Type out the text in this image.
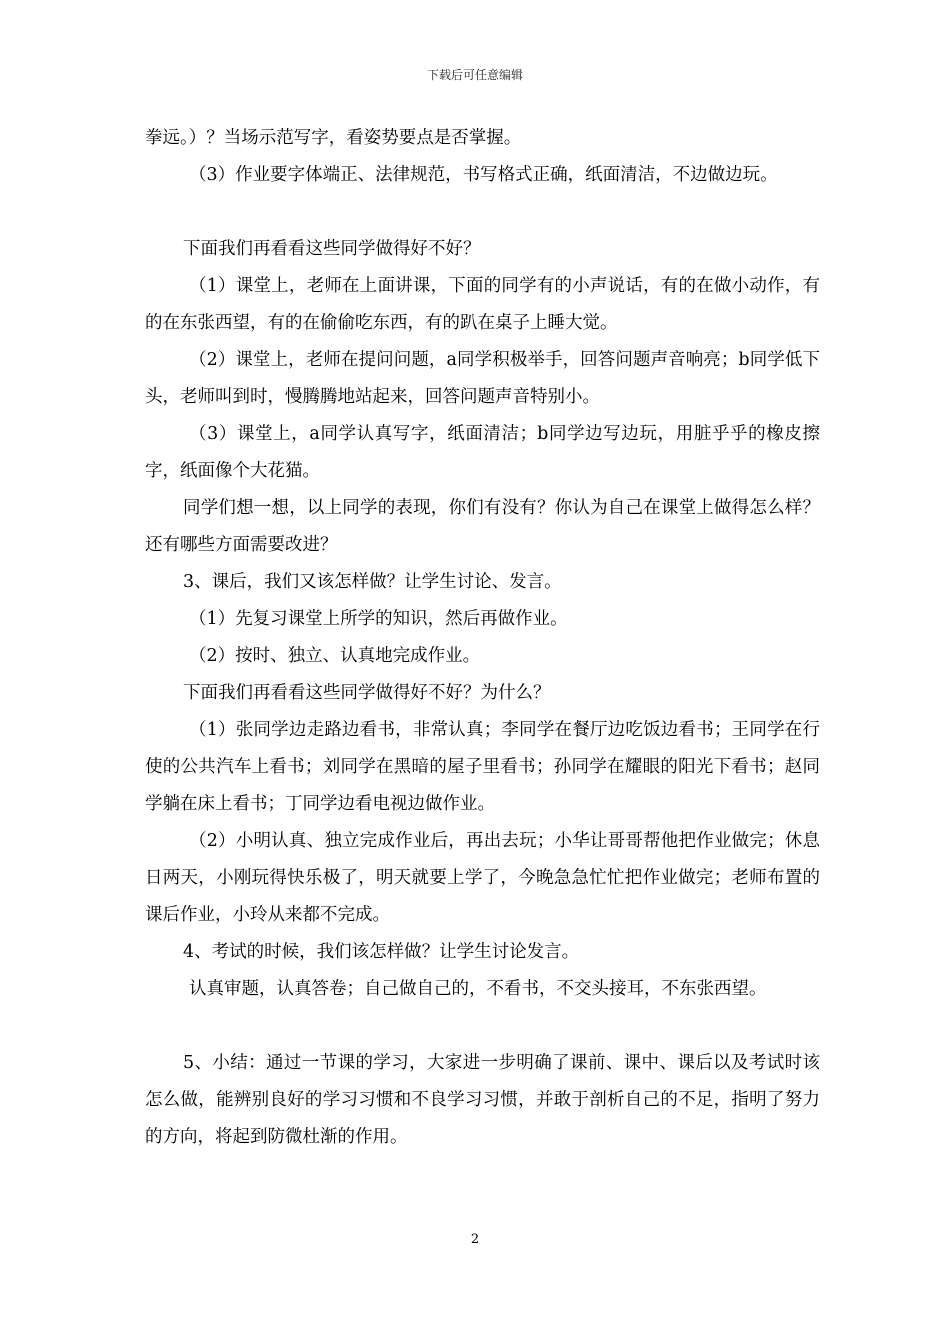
下载后可任意编辑

拳远。）？当场示范写字，看姿势要点是否掌握。

（3）作业要字体端正、法律规范，书写格式正确，纸面清洁，不边做边玩。

下面我们再看看这些同学做得好不好？

（1）课堂上，老师在上面讲课，下面的同学有的小声说话，有的在做小动作，有的在东张西望，有的在偷偷吃东西，有的趴在桌子上睡大觉。

（2）课堂上，老师在提问问题，a同学积极举手，回答问题声音响亮；b同学低下头，老师叫到时，慢腾腾地站起来，回答问题声音特别小。

（3）课堂上，a同学认真写字，纸面清洁；b同学边写边玩，用脏乎乎的橡皮擦字，纸面像个大花猫。

同学们想一想，以上同学的表现，你们有没有？你认为自己在课堂上做得怎么样？还有哪些方面需要改进？

3、课后，我们又该怎样做？让学生讨论、发言。

（1）先复习课堂上所学的知识，然后再做作业。

（2）按时、独立、认真地完成作业。

下面我们再看看这些同学做得好不好？为什么？

（1）张同学边走路边看书，非常认真；李同学在餐厅边吃饭边看书；王同学在行使的公共汽车上看书；刘同学在黑暗的屋子里看书；孙同学在耀眼的阳光下看书；赵同学躺在床上看书；丁同学边看电视边做作业。

（2）小明认真、独立完成作业后，再出去玩；小华让哥哥帮他把作业做完；休息日两天，小刚玩得快乐极了，明天就要上学了，今晚急急忙忙把作业做完；老师布置的课后作业，小玲从来都不完成。

4、考试的时候，我们该怎样做？让学生讨论发言。

认真审题，认真答卷；自己做自己的，不看书，不交头接耳，不东张西望。

5、小结：通过一节课的学习，大家进一步明确了课前、课中、课后以及考试时该怎么做，能辨别良好的学习习惯和不良学习习惯，并敢于剖析自己的不足，指明了努力的方向，将起到防微杜渐的作用。

2
